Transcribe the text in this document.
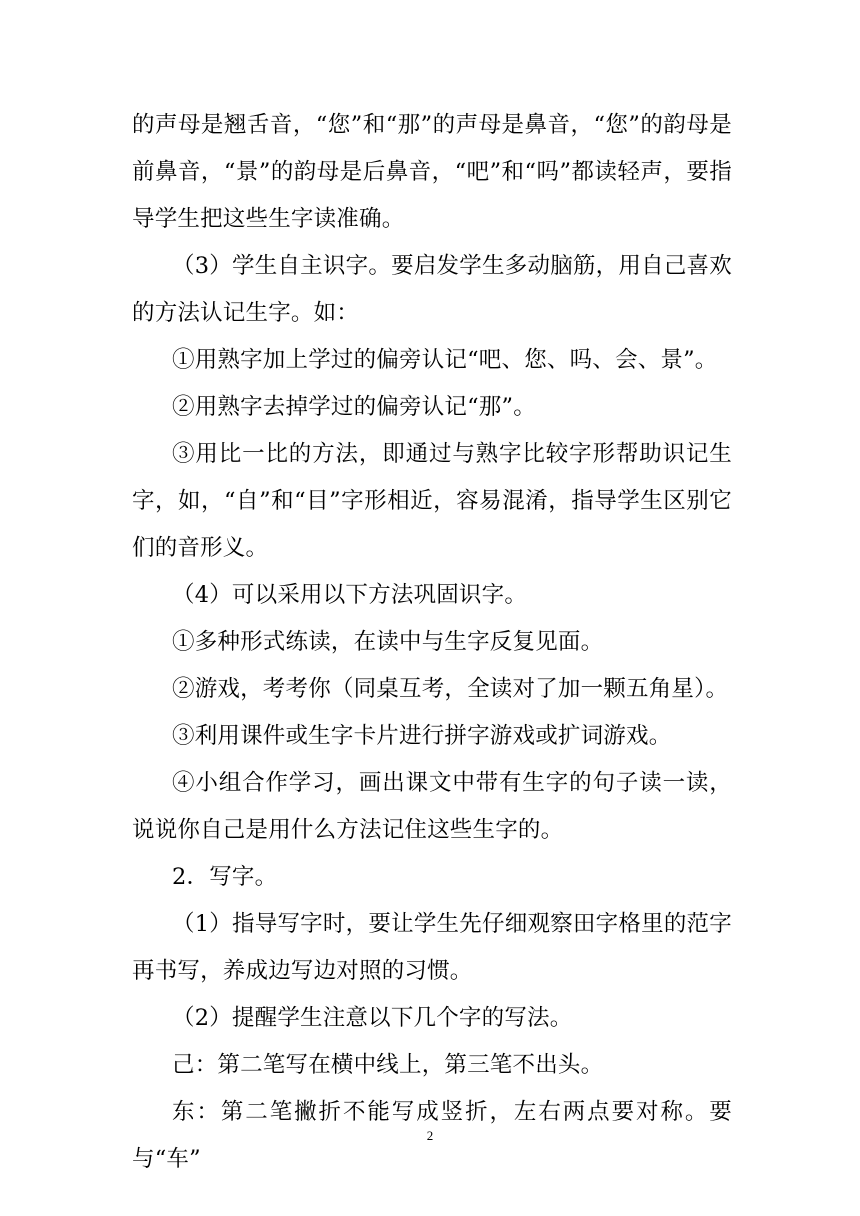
的声母是翘舌音，“您”和“那”的声母是鼻音，“您”的韵母是前鼻音，“景”的韵母是后鼻音，“吧”和“吗”都读轻声，要指导学生把这些生字读准确。

（3）学生自主识字。要启发学生多动脑筋，用自己喜欢的方法认记生字。如：

①用熟字加上学过的偏旁认记“吧、您、吗、会、景”。

②用熟字去掉学过的偏旁认记“那”。

③用比一比的方法，即通过与熟字比较字形帮助识记生字，如，“自”和“目”字形相近，容易混淆，指导学生区别它们的音形义。

（4）可以采用以下方法巩固识字。

①多种形式练读，在读中与生字反复见面。

②游戏，考考你（同桌互考，全读对了加一颗五角星）。

③利用课件或生字卡片进行拼字游戏或扩词游戏。

④小组合作学习，画出课文中带有生字的句子读一读，说说你自己是用什么方法记住这些生字的。

2．写字。

（1）指导写字时，要让学生先仔细观察田字格里的范字再书写，养成边写边对照的习惯。

（2）提醒学生注意以下几个字的写法。

己：第二笔写在横中线上，第三笔不出头。

东：第二笔撇折不能写成竖折，左右两点要对称。要与“车”

2
